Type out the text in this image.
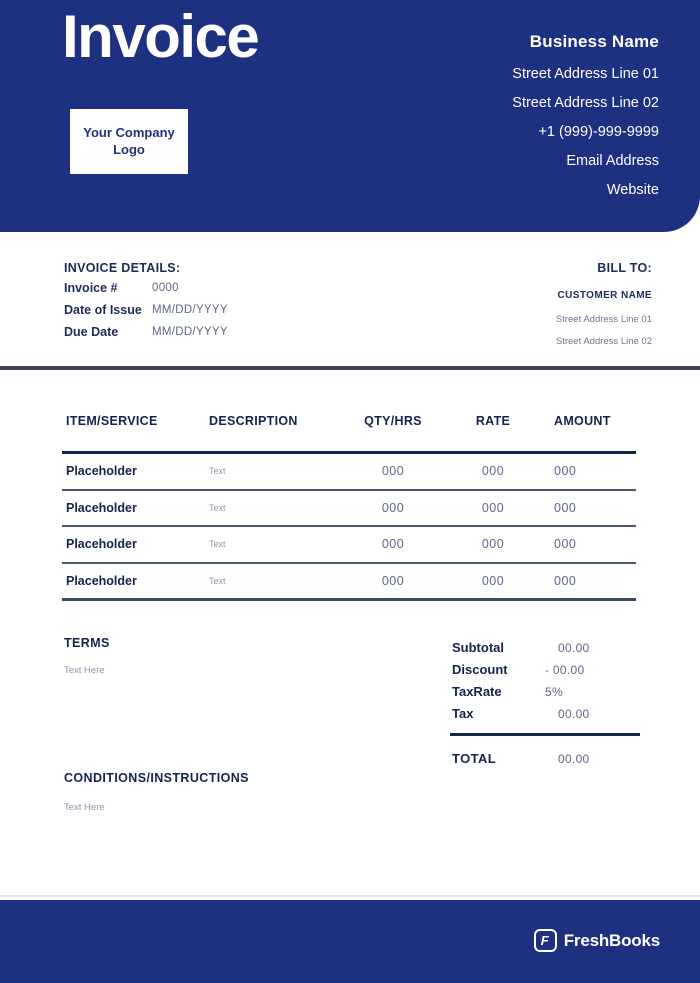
Invoice
Your Company Logo
Business Name
Street Address Line 01
Street Address Line 02
+1 (999)-999-9999
Email Address
Website
INVOICE DETAILS:
Invoice #	0000
Date of Issue MM/DD/YYYY
Due Date	MM/DD/YYYY
BILL TO:
CUSTOMER NAME
Street Address Line 01
Street Address Line 02
ITEM/SERVICE	DESCRIPTION	QTY/HRS	RATE	AMOUNT
Placeholder	Text	000	000	000
Placeholder	Text	000	000	000
Placeholder	Text	000	000	000
Placeholder	Text	000	000	000
TERMS
Text Here
Subtotal	00.00
Discount	- 00.00
TaxRate	5%
Tax	00.00
TOTAL	00.00
CONDITIONS/INSTRUCTIONS
Text Here
F FreshBooks
